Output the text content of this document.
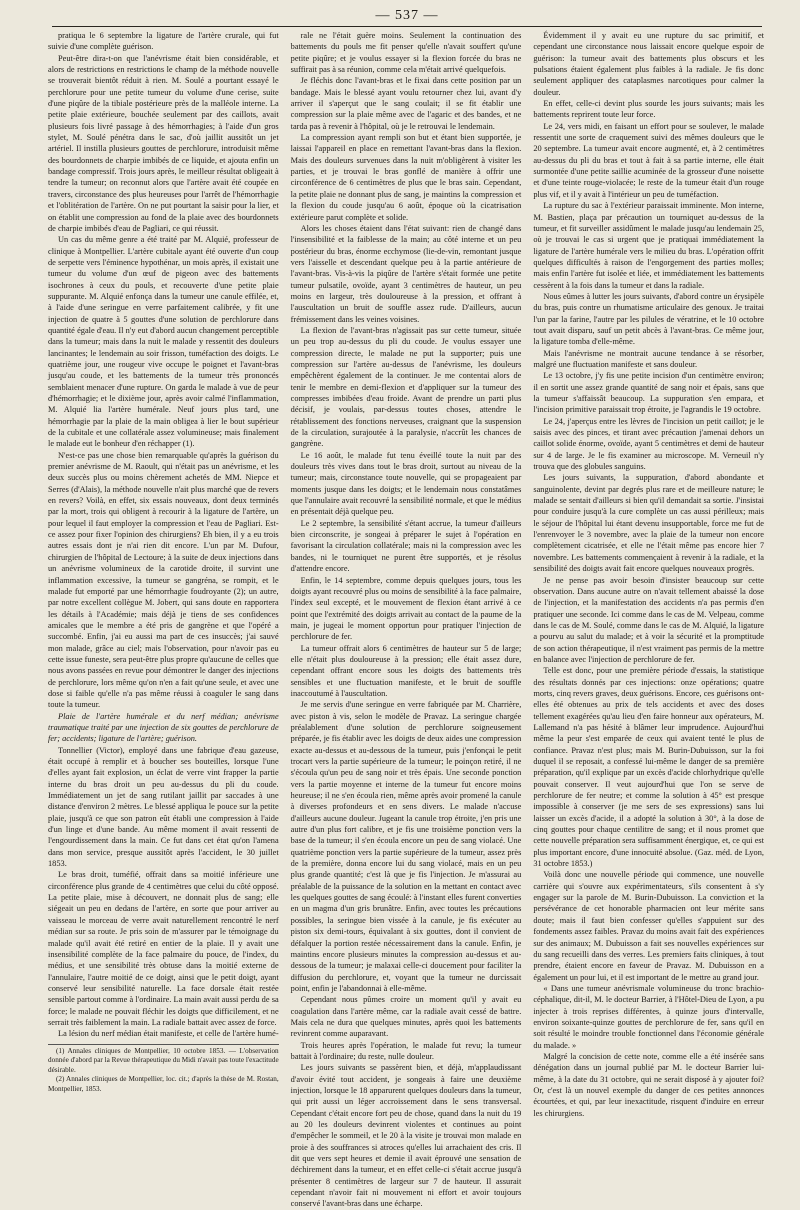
— 537 —

pratiqua le 6 septembre la ligature de l'artère crurale, qui fut suivie d'une complète guérison.

Peut-être dira-t-on que l'anévrisme était bien considérable, et alors de restrictions en restrictions le champ de la méthode nouvelle se trouverait bientôt réduit à rien. M. Soulé a pourtant essayé le perchlorure pour une petite tumeur du volume d'une cerise, suite d'une piqûre de la tibiale postérieure près de la malléole interne. La petite plaie extérieure, bouchée seulement par des caillots, avait plusieurs fois livré passage à des hémorrhagies; à l'aide d'un gros stylet, M. Soulé pénétra dans le sac, d'où jaillit aussitôt un jet artériel. Il instilla plusieurs gouttes de perchlorure, introduisit même des bourdonnets de charpie imbibés de ce liquide, et ajouta enfin un bandage compressif. Trois jours après, le meilleur résultat obligeait à tendre la tumeur; on reconnut alors que l'artère avait été coupée en travers, circonstance des plus heureuses pour l'arrêt de l'hémorrhagie et l'oblitération de l'artère. On ne put pourtant la saisir pour la lier, et on établit une compression au fond de la plaie avec des bourdonnets de charpie imbibés d'eau de Pagliari, ce qui réussit.

Un cas du même genre a été traité par M. Alquié, professeur de clinique à Montpellier. L'artère cubitale ayant été ouverte d'un coup de serpette vers l'éminence hypothénar, un mois après, il existait une tumeur du volume d'un œuf de pigeon avec des battements isochrones à ceux du pouls, et recouverte d'une petite plaie suppurante. M. Alquié enfonça dans la tumeur une canule effilée, et, à l'aide d'une seringue en verre parfaitement calibrée, y fit une injection de quatre à 5 gouttes d'une solution de perchlorure dans quantité égale d'eau. Il n'y eut d'abord aucun changement perceptible dans la tumeur; mais dans la nuit le malade y ressentit des douleurs lancinantes; le lendemain au soir frisson, tuméfaction des doigts. Le quatrième jour, une rougeur vive occupe le poignet et l'avant-bras jusqu'au coude, et les battements de la tumeur très prononcés semblaient menacer d'une rupture. On garda le malade à vue de peur d'hémorrhagie; et le dixième jour, après avoir calmé l'inflammation, M. Alquié lia l'artère humérale. Neuf jours plus tard, une hémorrhagie par la plaie de la main obligea à lier le bout supérieur de la cubitale et une collatérale assez volumineuse; mais finalement le malade eut le bonheur d'en réchapper (1).

N'est-ce pas une chose bien remarquable qu'après la guérison du premier anévrisme de M. Raoult, qui n'était pas un anévrisme, et les deux succès plus ou moins chèrement achetés de MM. Niepce et Serres (d'Alais), la méthode nouvelle n'ait plus marché que de revers en revers? Voilà, en effet, six essais nouveaux, dont deux terminés par la mort, trois qui obligent à recourir à la ligature de l'artère, un pour lequel il faut employer la compression et l'eau de Pagliari. Est-ce assez pour fixer l'opinion des chirurgiens? Eh bien, il y a eu trois autres essais dont je n'ai rien dit encore. L'un par M. Dufour, chirurgien de l'hôpital de Lectoure; à la suite de deux injections dans un anévrisme volumineux de la carotide droite, il survint une inflammation excessive, la tumeur se gangréna, se rompit, et le malade fut emporté par une hémorrhagie foudroyante (2); un autre, par notre excellent collègue M. Jobert, qui sans doute en rapportera les détails à l'Académie; mais déjà je tiens de ses confidences amicales que le membre a été pris de gangrène et que l'opéré a succombé. Enfin, j'ai eu aussi ma part de ces insuccès; j'ai sauvé mon malade, grâce au ciel; mais l'observation, pour n'avoir pas eu cette issue funeste, sera peut-être plus propre qu'aucune de celles que nous avons passées en revue pour démontrer le danger des injections de perchlorure, lors même qu'on n'en a fait qu'une seule, et avec une dose si faible qu'elle n'a pas même réussi à coaguler le sang dans toute la tumeur.

Plaie de l'artère humérale et du nerf médian; anévrisme traumatique traité par une injection de six gouttes de perchlorure de fer; accidents; ligature de l'artère; guérison.

Tonnellier (Victor), employé dans une fabrique d'eau gazeuse, était occupé à remplir et à boucher ses bouteilles, lorsque l'une d'elles ayant fait explosion, un éclat de verre vint frapper la partie interne du bras droit un peu au-dessus du pli du coude. Immédiatement un jet de sang rutilant jaillit par saccades à une distance d'environ 2 mètres. Le blessé appliqua le pouce sur la petite plaie, jusqu'à ce que son patron eût établi une compression à l'aide d'un linge et d'une bande. Au même moment il avait ressenti de l'engourdissement dans la main. Ce fut dans cet état qu'on l'amena dans mon service, presque aussitôt après l'accident, le 30 juillet 1853.

Le bras droit, tuméfié, offrait dans sa moitié inférieure une circonférence plus grande de 4 centimètres que celui du côté opposé. La petite plaie, mise à découvert, ne donnait plus de sang; elle siégeait un peu en dedans de l'artère, en sorte que pour arriver au vaisseau le morceau de verre avait naturellement rencontré le nerf médian sur sa route. Je pris soin de m'assurer par le témoignage du malade qu'il avait été retiré en entier de la plaie. Il y avait une insensibilité complète de la face palmaire du pouce, de l'index, du médius, et une sensibilité très obtuse dans la moitié externe de l'annulaire, l'autre moitié de ce doigt, ainsi que le petit doigt, ayant conservé leur sensibilité naturelle. La face dorsale était restée sensible partout comme à l'ordinaire. La main avait aussi perdu de sa force; le malade ne pouvait fléchir les doigts que difficilement, et ne serrait très faiblement la main. La radiale battait avec assez de force.

La lésion du nerf médian était manifeste, et celle de l'artère humé-

(1) Annales cliniques de Montpellier, 10 octobre 1853. — L'observation donnée d'abord par la Revue thérapeutique du Midi n'avait pas toute l'exactitude désirable.

(2) Annales cliniques de Montpellier, loc. cit.; d'après la thèse de M. Rostan, Montpellier, 1853.

rale ne l'était guère moins. Seulement la continuation des battements du pouls me fit penser qu'elle n'avait souffert qu'une petite piqûre; et je voulus essayer si la flexion forcée du bras ne suffirait pas à sa réunion, comme cela m'était arrivé quelquefois.

Je fléchis donc l'avant-bras et le fixai dans cette position par un bandage. Mais le blessé ayant voulu retourner chez lui, avant d'y arriver il s'aperçut que le sang coulait; il se fit établir une compression sur la plaie même avec de l'agaric et des bandes, et ne tarda pas à revenir à l'hôpital, où je le retrouvai le lendemain.

La compression ayant rempli son but et étant bien supportée, je laissai l'appareil en place en remettant l'avant-bras dans la flexion. Mais des douleurs survenues dans la nuit m'obligèrent à visiter les parties, et je trouvai le bras gonflé de manière à offrir une circonférence de 6 centimètres de plus que le bras sain. Cependant, la petite plaie ne donnant plus de sang, je maintins la compression et la flexion du coude jusqu'au 6 août, époque où la cicatrisation extérieure parut complète et solide.

Alors les choses étaient dans l'état suivant: rien de changé dans l'insensibilité et la faiblesse de la main; au côté interne et un peu postérieur du bras, énorme ecchymose (lie-de-vin, remontant jusque vers l'aisselle et descendant quelque peu à la partie antérieure de l'avant-bras. Vis-à-vis la piqûre de l'artère s'était formée une petite tumeur pulsatile, ovoïde, ayant 3 centimètres de hauteur, un peu moins en largeur, très douloureuse à la pression, et offrant à l'auscultation un bruit de souffle assez rude. D'ailleurs, aucun frémissement dans les veines voisines.

La flexion de l'avant-bras n'agissait pas sur cette tumeur, située un peu trop au-dessus du pli du coude. Je voulus essayer une compression directe, le malade ne put la supporter; puis une compression sur l'artère au-dessus de l'anévrisme, les douleurs empêchèrent également de la continuer. Je me contentai alors de tenir le membre en demi-flexion et d'appliquer sur la tumeur des compresses imbibées d'eau froide. Avant de prendre un parti plus décisif, je voulais, par-dessus toutes choses, attendre le rétablissement des fonctions nerveuses, craignant que la suspension de la circulation, surajoutée à la paralysie, n'accrût les chances de gangrène.

Le 16 août, le malade fut tenu éveillé toute la nuit par des douleurs très vives dans tout le bras droit, surtout au niveau de la tumeur; mais, circonstance toute nouvelle, qui se propageaient par moments jusque dans les doigts; et le lendemain nous constatâmes que l'annulaire avait recouvré la sensibilité normale, et que le médius en présentait déjà quelque peu.

Le 2 septembre, la sensibilité s'étant accrue, la tumeur d'ailleurs bien circonscrite, je songeai à préparer le sujet à l'opération en favorisant la circulation collatérale; mais ni la compression avec les bandes, ni le tourniquet ne purent être supportés, et je résolus d'attendre encore.

Enfin, le 14 septembre, comme depuis quelques jours, tous les doigts ayant recouvré plus ou moins de sensibilité à la face palmaire, l'index seul excepté, et le mouvement de flexion étant arrivé à ce point que l'extrémité des doigts arrivait au contact de la paume de la main, je jugeai le moment opportun pour pratiquer l'injection de perchlorure de fer.

La tumeur offrait alors 6 centimètres de hauteur sur 5 de large; elle n'était plus douloureuse à la pression; elle était assez dure, cependant offrant encore sous les doigts des battements très sensibles et une fluctuation manifeste, et le bruit de souffle inaccoutumé à l'auscultation.

Je me servis d'une seringue en verre fabriquée par M. Charrière, avec piston à vis, selon le modèle de Pravaz. La seringue chargée préalablement d'une solution de perchlorure soigneusement préparée, je fis établir avec les doigts de deux aides une compression exacte au-dessus et au-dessous de la tumeur, puis j'enfonçai le petit trocart vers la partie supérieure de la tumeur; le poinçon retiré, il ne s'écoula qu'un peu de sang noir et très épais. Une seconde ponction vers la partie moyenne et interne de la tumeur fut encore moins heureuse; il ne s'en écoula rien, même après avoir promené la canule à diverses profondeurs et en sens divers. Le malade n'accuse d'ailleurs aucune douleur. Jugeant la canule trop étroite, j'en pris une autre d'un plus fort calibre, et je fis une troisième ponction vers la base de la tumeur; il s'en écoula encore un peu de sang violacé. Une quatrième ponction vers la partie supérieure de la tumeur, assez près de la première, donna encore lui du sang violacé, mais en un peu plus grande quantité; c'est là que je fis l'injection. Je m'assurai au préalable de la puissance de la solution en la mettant en contact avec les quelques gouttes de sang écoulé: à l'instant elles furent converties en un magma d'un gris brunâtre. Enfin, avec toutes les précautions possibles, la seringue bien vissée à la canule, je fis exécuter au piston six demi-tours, équivalant à six gouttes, dont il convient de défalquer la portion restée nécessairement dans la canule. Enfin, je maintins encore plusieurs minutes la compression au-dessus et au-dessous de la tumeur; je malaxai celle-ci doucement pour faciliter la diffusion du perchlorure, et, voyant que la tumeur ne durcissait point, enfin je l'abandonnai à elle-même.

Cependant nous pûmes croire un moment qu'il y avait eu coagulation dans l'artère même, car la radiale avait cessé de battre. Mais cela ne dura que quelques minutes, après quoi les battements revinrent comme auparavant.

Trois heures après l'opération, le malade fut revu; la tumeur battait à l'ordinaire; du reste, nulle douleur.

Les jours suivants se passèrent bien, et déjà, m'applaudissant d'avoir évité tout accident, je songeais à faire une deuxième injection, lorsque le 18 apparurent quelques douleurs dans la tumeur, qui prit aussi un léger accroissement dans le sens transversal. Cependant c'était encore fort peu de chose, quand dans la nuit du 19 au 20 les douleurs devinrent violentes et continues au point d'empêcher le sommeil, et le 20 à la visite je trouvai mon malade en proie à des souffrances si atroces qu'elles lui arrachaient des cris. Il dit que vers sept heures et demie il avait éprouvé une sensation de déchirement dans la tumeur, et en effet celle-ci s'était accrue jusqu'à présenter 8 centimètres de largeur sur 7 de hauteur. Il assurait cependant n'avoir fait ni mouvement ni effort et avoir toujours conservé l'avant-bras dans une écharpe.

Évidemment il y avait eu une rupture du sac primitif, et cependant une circonstance nous laissait encore quelque espoir de guérison: la tumeur avait des battements plus obscurs et les pulsations étaient également plus faibles à la radiale. Je fis donc seulement appliquer des cataplasmes narcotiques pour calmer la douleur.

En effet, celle-ci devint plus sourde les jours suivants; mais les battements reprirent toute leur force.

Le 24, vers midi, en faisant un effort pour se soulever, le malade ressentit une sorte de craquement suivi des mêmes douleurs que le 20 septembre. La tumeur avait encore augmenté, et, à 2 centimètres au-dessus du pli du bras et tout à fait à sa partie interne, elle était surmontée d'une petite saillie acuminée de la grosseur d'une noisette et d'une teinte rouge-violacée; le reste de la tumeur était d'un rouge plus vif, et il y avait à l'intérieur un peu de tuméfaction.

La rupture du sac à l'extérieur paraissait imminente. Mon interne, M. Bastien, plaça par précaution un tourniquet au-dessus de la tumeur, et fit surveiller assidûment le malade jusqu'au lendemain 25, où je trouvai le cas si urgent que je pratiquai immédiatement la ligature de l'artère humérale vers le milieu du bras. L'opération offrit quelques difficultés à raison de l'engorgement des parties molles; mais enfin l'artère fut isolée et liée, et immédiatement les battements cessèrent à la fois dans la tumeur et dans la radiale.

Nous eûmes à lutter les jours suivants, d'abord contre un érysipèle du bras, puis contre un rhumatisme articulaire des genoux. Je traitai l'un par la farine, l'autre par les pilules de vératrine, et le 10 octobre tout avait disparu, sauf un petit abcès à l'avant-bras. Ce même jour, la ligature tomba d'elle-même.

Mais l'anévrisme ne montrait aucune tendance à se résorber, malgré une fluctuation manifeste et sans douleur.

Le 13 octobre, j'y fis une petite incision d'un centimètre environ; il en sortit une assez grande quantité de sang noir et épais, sans que la tumeur s'affaissât beaucoup. La suppuration s'en empara, et l'incision primitive paraissait trop étroite, je l'agrandis le 19 octobre.

Le 24, j'aperçus entre les lèvres de l'incision un petit caillot; je le saisis avec des pinces, et tirant avec précaution j'amenai dehors un caillot solide énorme, ovoïde, ayant 5 centimètres et demi de hauteur sur 4 de large. Je le fis examiner au microscope. M. Verneuil n'y trouva que des globules sanguins.

Les jours suivants, la suppuration, d'abord abondante et sanguinolente, devint par degrés plus rare et de meilleure nature; le malade se sentait d'ailleurs si bien qu'il demandait sa sortie. J'insistai pour conduire jusqu'à la cure complète un cas aussi périlleux; mais le séjour de l'hôpital lui étant devenu insupportable, force me fut de l'enrenvoyer le 3 novembre, avec la plaie de la tumeur non encore complètement cicatrisée, et elle ne l'était même pas encore hier 7 novembre. Les battements commençaient à revenir à la radiale, et la sensibilité des doigts avait fait encore quelques nouveaux progrès.

Je ne pense pas avoir besoin d'insister beaucoup sur cette observation. Dans aucune autre on n'avait tellement abaissé la dose de l'injection, et la manifestation des accidents n'a pas permis d'en pratiquer une seconde. Ici comme dans le cas de M. Velpeau, comme dans le cas de M. Soulé, comme dans le cas de M. Alquié, la ligature a pourvu au salut du malade; et à voir la sécurité et la promptitude de son action thérapeutique, il n'est vraiment pas permis de la mettre en balance avec l'injection de perchlorure de fer.

Telle est donc, pour une première période d'essais, la statistique des résultats donnés par ces injections: onze opérations; quatre morts, cinq revers graves, deux guérisons. Encore, ces guérisons ont-elles été obtenues au prix de tels accidents et avec des doses tellement exagérées qu'au lieu d'en faire honneur aux opérateurs, M. Lallemand n'a pas hésité à blâmer leur imprudence. Aujourd'hui même la peur s'est emparée de ceux qui avaient tenté le plus de confiance. Pravaz n'est plus; mais M. Burin-Dubuisson, sur la foi duquel il se reposait, a confessé lui-même le danger de sa première préparation, qu'il explique par un excès d'acide chlorhydrique qu'elle pouvait conserver. Il veut aujourd'hui que l'on se serve de perchlorure de fer neutre; et comme la solution à 45° est presque impossible à conserver (je me sers de ses expressions) sans lui laisser un excès d'acide, il a adopté la solution à 30°, à la dose de cinq gouttes pour chaque centilitre de sang; et il nous promet que cette nouvelle préparation sera suffisamment énergique, et, ce qui est plus important encore, d'une innocuité absolue. (Gaz. méd. de Lyon, 31 octobre 1853.)

Voilà donc une nouvelle période qui commence, une nouvelle carrière qui s'ouvre aux expérimentateurs, s'ils consentent à s'y engager sur la parole de M. Burin-Dubuisson. La conviction et la persévérance de cet honorable pharmacien ont leur mérite sans doute; mais il faut bien confesser qu'elles s'appuient sur des fondements assez faibles. Pravaz du moins avait fait des expériences sur des animaux; M. Dubuisson a fait ses nouvelles expériences sur du sang recueilli dans des verres. Les premiers faits cliniques, à tout prendre, étaient encore en faveur de Pravaz. M. Dubuisson en a également un pour lui, et il est important de le mettre au grand jour.

« Dans une tumeur anévrismale volumineuse du tronc brachio-céphalique, dit-il, M. le docteur Barrier, à l'Hôtel-Dieu de Lyon, a pu injecter à trois reprises différentes, à quinze jours d'intervalle, environ soixante-quinze gouttes de perchlorure de fer, sans qu'il en soit résulté le moindre trouble fonctionnel dans l'économie générale du malade. »

Malgré la concision de cette note, comme elle a été insérée sans dénégation dans un journal publié par M. le docteur Barrier lui-même, à la date du 31 octobre, qui ne serait disposé à y ajouter foi? Or, c'est là un nouvel exemple du danger de ces petites annonces écourtées, et qui, par leur inexactitude, risquent d'induire en erreur les chirurgiens.
